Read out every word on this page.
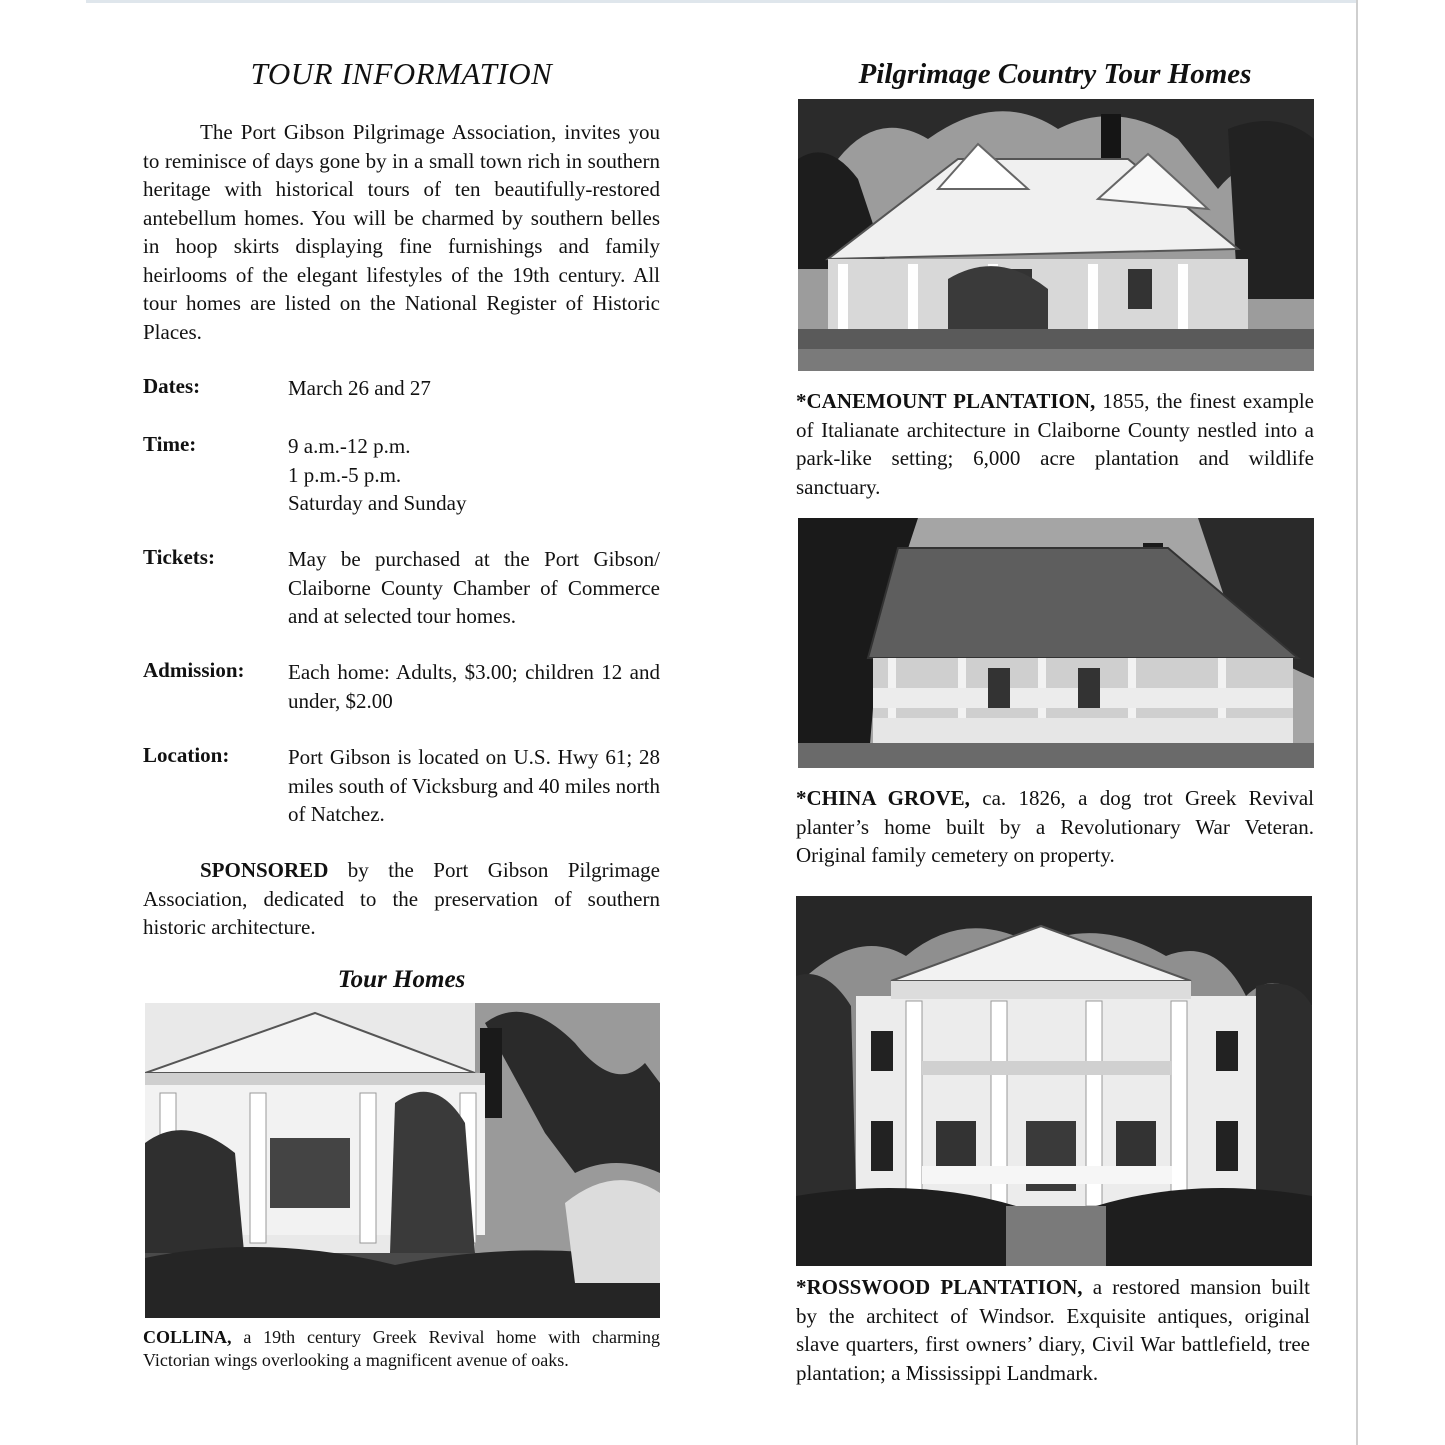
TOUR INFORMATION

The Port Gibson Pilgrimage Association, invites you to reminisce of days gone by in a small town rich in southern heritage with historical tours of ten beautifully-restored antebellum homes. You will be charmed by southern belles in hoop skirts displaying fine furnishings and family heirlooms of the elegant lifestyles of the 19th century. All tour homes are listed on the National Register of Historic Places.

Dates:	March 26 and 27

Time:	9 a.m.-12 p.m.
1 p.m.-5 p.m.
Saturday and Sunday

Tickets:	May be purchased at the Port Gibson/ Claiborne County Chamber of Commerce and at selected tour homes.

Admission: Each home: Adults, $3.00; children 12 and under, $2.00

Location:	Port Gibson is located on U.S. Hwy 61; 28 miles south of Vicksburg and 40 miles north of Natchez.

SPONSORED by the Port Gibson Pilgrimage Association, dedicated to the preservation of southern historic architecture.

Tour Homes

COLLINA, a 19th century Greek Revival home with charming Victorian wings overlooking a magnificent avenue of oaks.

Pilgrimage Country Tour Homes

*CANEMOUNT PLANTATION, 1855, the finest example of Italianate architecture in Claiborne County nestled into a park-like setting; 6,000 acre plantation and wildlife sanctuary.

*CHINA GROVE, ca. 1826, a dog trot Greek Revival planter’s home built by a Revolutionary War Veteran. Original family cemetery on property.

*ROSSWOOD PLANTATION, a restored mansion built by the architect of Windsor. Exquisite antiques, original slave quarters, first owners’ diary, Civil War battlefield, tree plantation; a Mississippi Landmark.
